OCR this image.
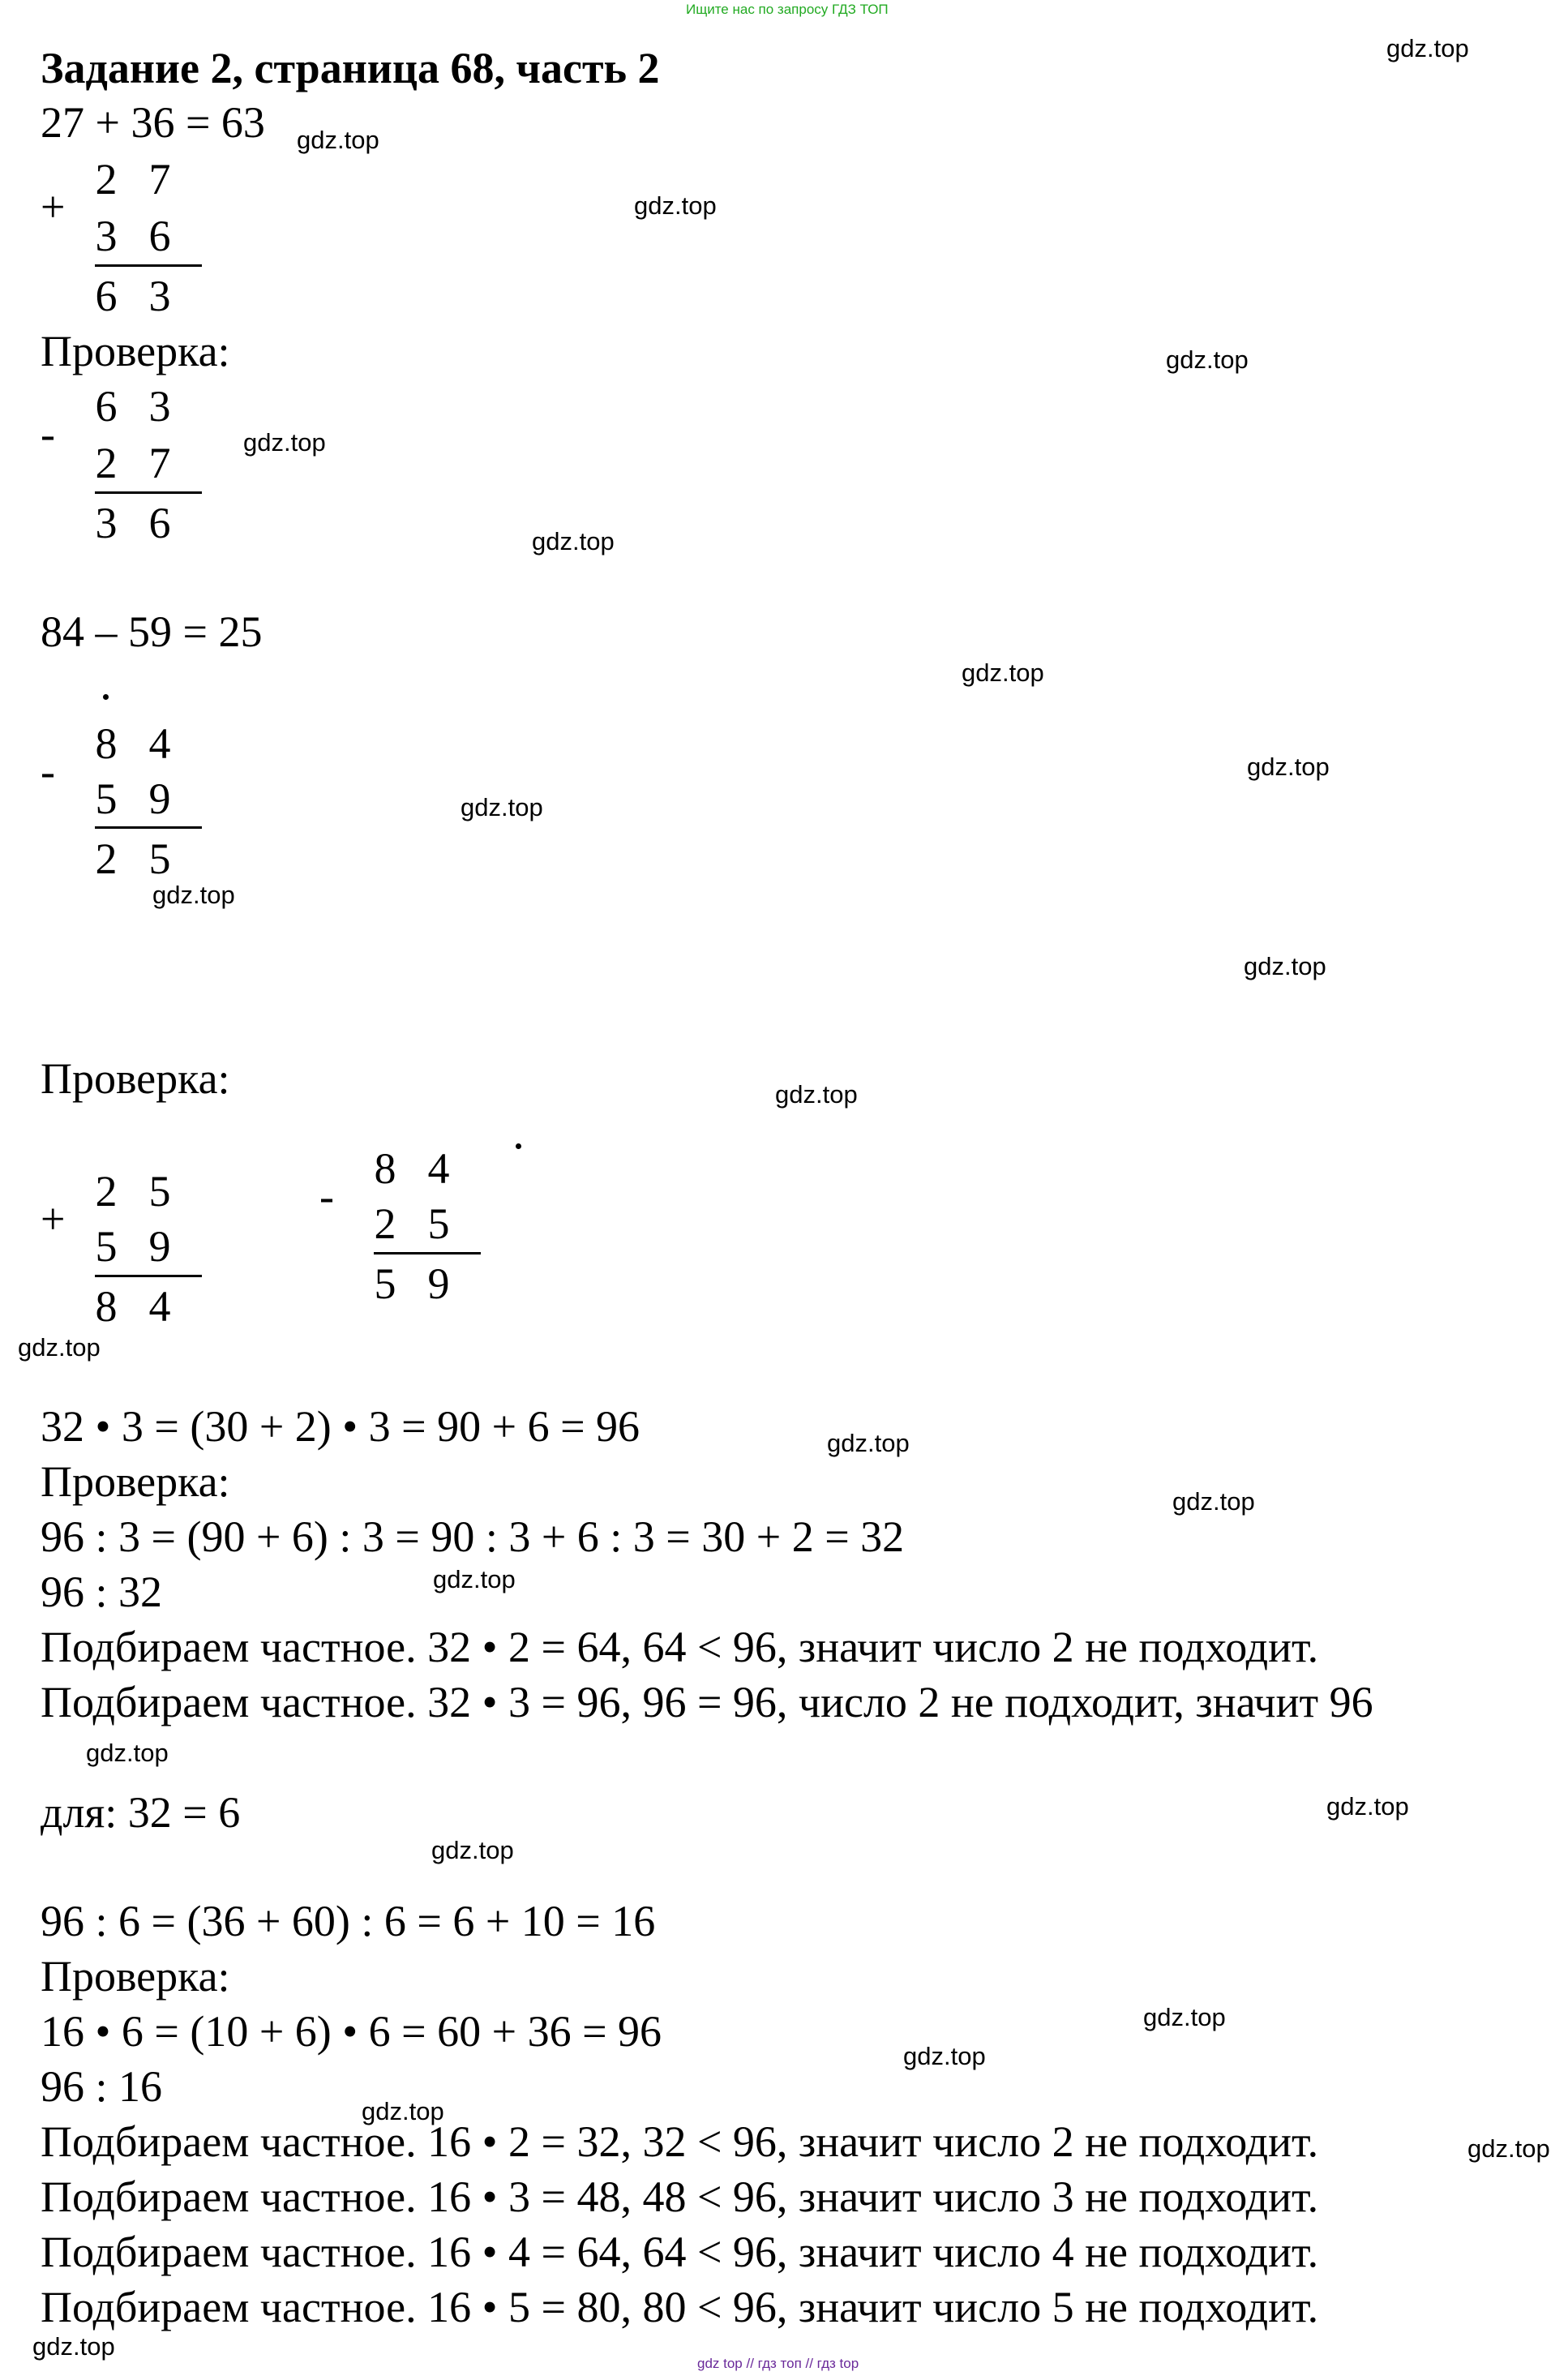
Ищите нас по запросу ГДЗ ТОП
Задание 2, страница 68, часть 2
27 + 36 = 63
+
2 7
3 6
6 3
Проверка:
-
6 3
2 7
3 6
84 – 59 = 25
-
8 4
5 9
2 5
Проверка:
+
2 5
5 9
8 4
-
8 4
2 5
5 9
32 • 3 = (30 + 2) • 3 = 90 + 6 = 96
Проверка:
96 : 3 = (90 + 6) : 3 = 90 : 3 + 6 : 3 = 30 + 2 = 32
96 : 32
Подбираем частное. 32 • 2 = 64, 64 < 96, значит число 2 не подходит.
Подбираем частное. 32 • 3 = 96, 96 = 96, число 2 не подходит, значит 96
для: 32 = 6
96 : 6 = (36 + 60) : 6 = 6 + 10 = 16
Проверка:
16 • 6 = (10 + 6) • 6 = 60 + 36 = 96
96 : 16
Подбираем частное. 16 • 2 = 32, 32 < 96, значит число 2 не подходит.
Подбираем частное. 16 • 3 = 48, 48 < 96, значит число 3 не подходит.
Подбираем частное. 16 • 4 = 64, 64 < 96, значит число 4 не подходит.
Подбираем частное. 16 • 5 = 80, 80 < 96, значит число 5 не подходит.
gdz.top
gdz.top
gdz.top
gdz.top
gdz.top
gdz.top
gdz.top
gdz.top
gdz.top
gdz.top
gdz.top
gdz.top
gdz.top
gdz.top
gdz.top
gdz.top
gdz.top
gdz.top
gdz.top
gdz.top
gdz.top
gdz.top
gdz.top
gdz.top
gdz top // гдз топ // гдз top
